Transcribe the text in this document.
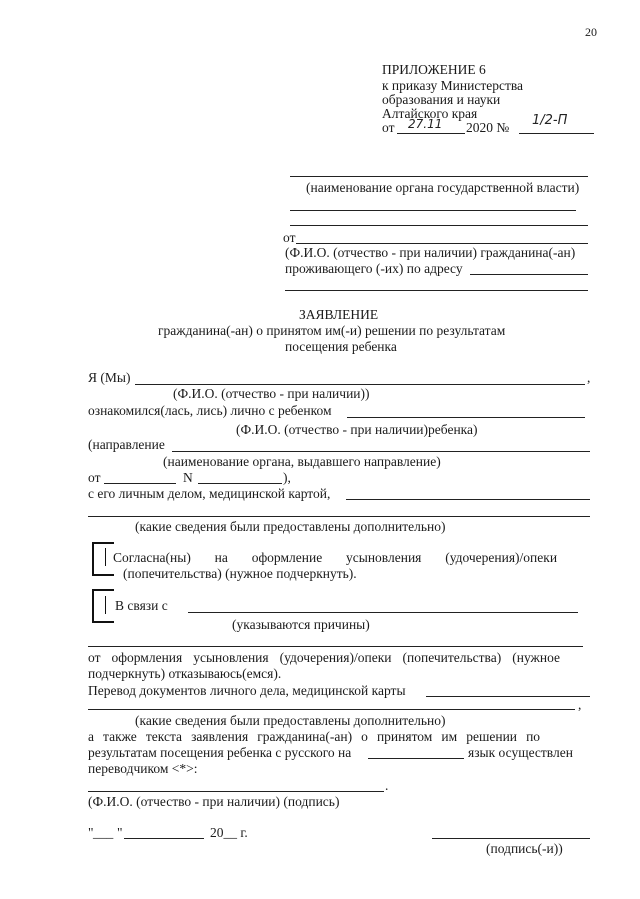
20
ПРИЛОЖЕНИЕ 6
к приказу Министерства
образования и науки
Алтайского края
от 27.11 2020 № 1/2-П
(наименование органа государственной власти)
от
(Ф.И.О. (отчество - при наличии) гражданина(-ан)
проживающего (-их) по адресу
ЗАЯВЛЕНИЕ
гражданина(-ан) о принятом им(-и) решении по результатам
посещения ребенка
Я (Мы)	,
(Ф.И.О. (отчество - при наличии))
ознакомился(лась, лись) лично с ребенком
(Ф.И.О. (отчество - при наличии)ребенка)
(направление
(наименование органа, выдавшего направление)
от	N	),
с его личным делом, медицинской картой,
(какие сведения были предоставлены дополнительно)
Согласна(ны) на оформление усыновления (удочерения)/опеки
(попечительства) (нужное подчеркнуть).
В связи с
(указываются причины)
от оформления усыновления (удочерения)/опеки (попечительства) (нужное
подчеркнуть) отказываюсь(емся).
Перевод документов личного дела, медицинской карты
,
(какие сведения были предоставлены дополнительно)
а также текста заявления гражданина(-ан) о принятом им решении по
результатам посещения ребенка с русского на	язык осуществлен
переводчиком <*>:
.
(Ф.И.О. (отчество - при наличии) (подпись)
" ___ "	20__ г.
(подпись(-и))
